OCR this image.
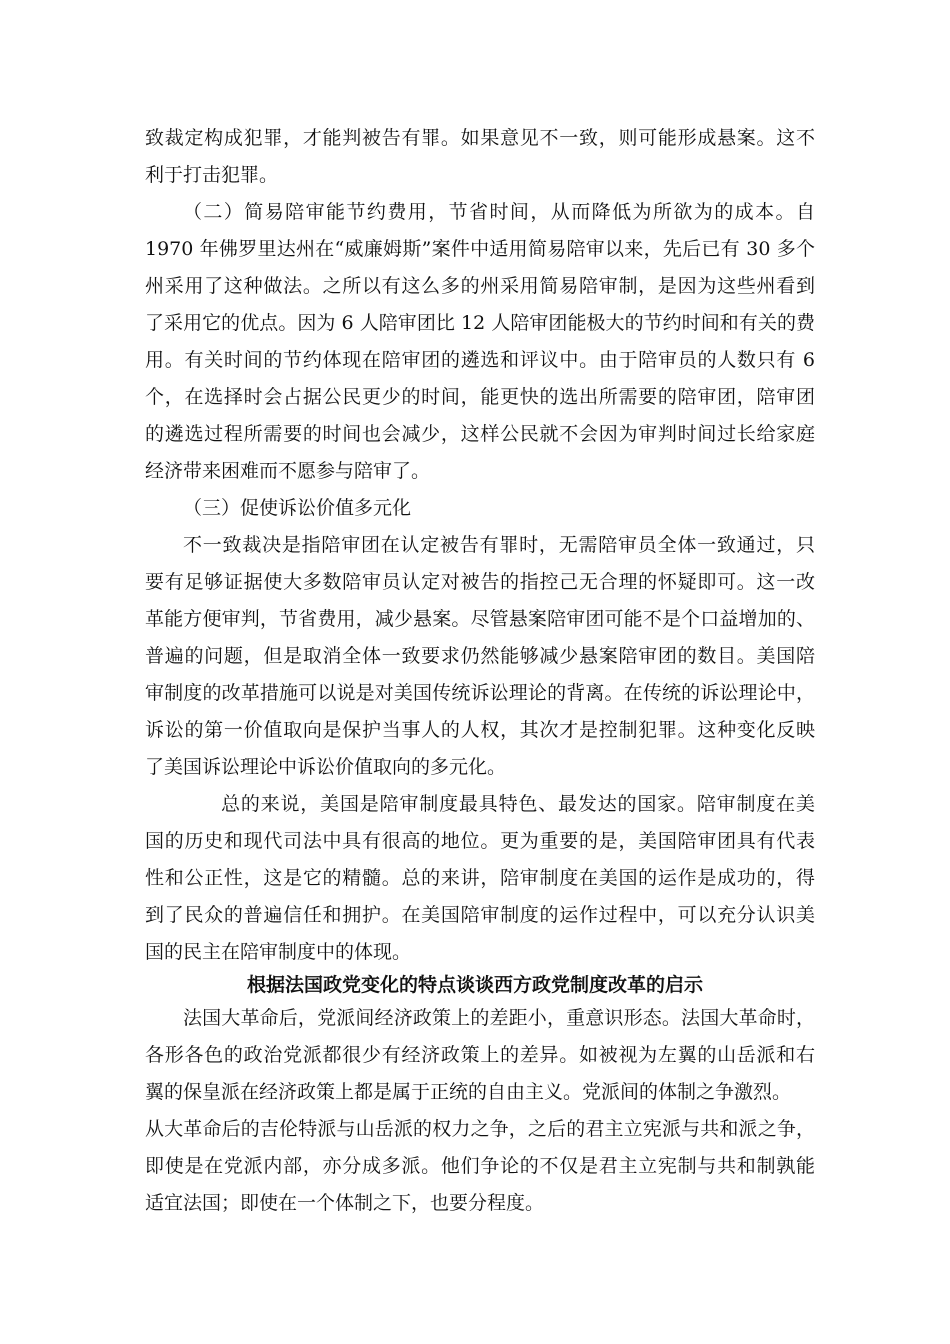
致裁定构成犯罪，才能判被告有罪。如果意见不一致，则可能形成悬案。这不
利于打击犯罪。
（二）简易陪审能节约费用，节省时间，从而降低为所欲为的成本。自
1970 年佛罗里达州在“威廉姆斯”案件中适用简易陪审以来，先后已有 30 多个
州采用了这种做法。之所以有这么多的州采用简易陪审制，是因为这些州看到
了采用它的优点。因为 6 人陪审团比 12 人陪审团能极大的节约时间和有关的费
用。有关时间的节约体现在陪审团的遴选和评议中。由于陪审员的人数只有 6
个，在选择时会占据公民更少的时间，能更快的选出所需要的陪审团，陪审团
的遴选过程所需要的时间也会减少，这样公民就不会因为审判时间过长给家庭
经济带来困难而不愿参与陪审了。
（三）促使诉讼价值多元化
不一致裁决是指陪审团在认定被告有罪时，无需陪审员全体一致通过，只
要有足够证据使大多数陪审员认定对被告的指控己无合理的怀疑即可。这一改
革能方便审判，节省费用，减少悬案。尽管悬案陪审团可能不是个口益增加的、
普遍的问题，但是取消全体一致要求仍然能够减少悬案陪审团的数目。美国陪
审制度的改革措施可以说是对美国传统诉讼理论的背离。在传统的诉讼理论中，
诉讼的第一价值取向是保护当事人的人权，其次才是控制犯罪。这种变化反映
了美国诉讼理论中诉讼价值取向的多元化。
总的来说，美国是陪审制度最具特色、最发达的国家。陪审制度在美
国的历史和现代司法中具有很高的地位。更为重要的是，美国陪审团具有代表
性和公正性，这是它的精髓。总的来讲，陪审制度在美国的运作是成功的，得
到了民众的普遍信任和拥护。在美国陪审制度的运作过程中，可以充分认识美
国的民主在陪审制度中的体现。
根据法国政党变化的特点谈谈西方政党制度改革的启示
法国大革命后，党派间经济政策上的差距小，重意识形态。法国大革命时，
各形各色的政治党派都很少有经济政策上的差异。如被视为左翼的山岳派和右
翼的保皇派在经济政策上都是属于正统的自由主义。党派间的体制之争激烈。
从大革命后的吉伦特派与山岳派的权力之争，之后的君主立宪派与共和派之争，
即使是在党派内部，亦分成多派。他们争论的不仅是君主立宪制与共和制孰能
适宜法国；即使在一个体制之下，也要分程度。
